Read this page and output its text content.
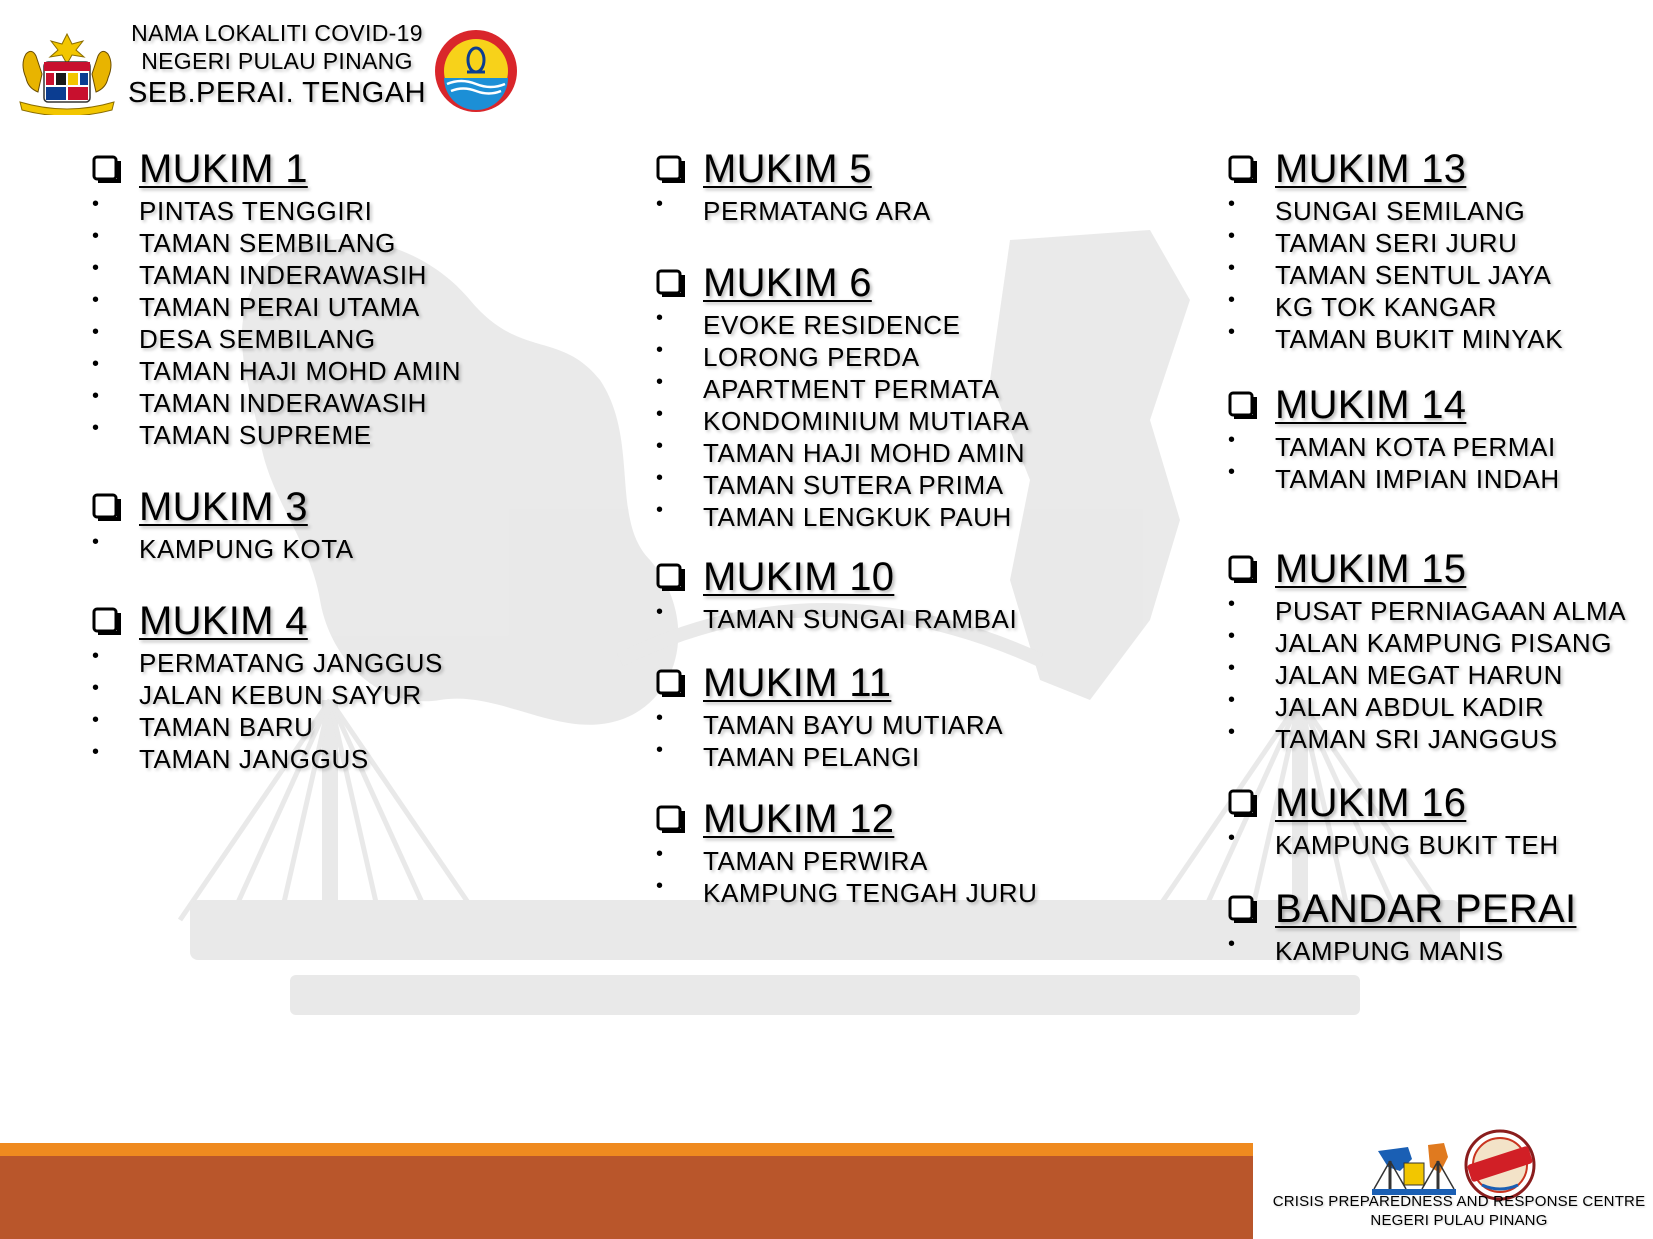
NAMA LOKALITI COVID-19
NEGERI PULAU PINANG
SEB.PERAI. TENGAH
MUKIM 1
•	PINTAS TENGGIRI
•	TAMAN SEMBILANG
•	TAMAN INDERAWASIH
•	TAMAN PERAI UTAMA
•	DESA SEMBILANG
•	TAMAN HAJI MOHD AMIN
•	TAMAN INDERAWASIH
•	TAMAN SUPREME
MUKIM 3
•	KAMPUNG KOTA
MUKIM 4
•	PERMATANG JANGGUS
•	JALAN KEBUN SAYUR
•	TAMAN BARU
•	TAMAN JANGGUS
MUKIM 5
•	PERMATANG ARA
MUKIM 6
•	EVOKE RESIDENCE
•	LORONG PERDA
•	APARTMENT PERMATA
•	KONDOMINIUM MUTIARA
•	TAMAN HAJI MOHD AMIN
•	TAMAN SUTERA PRIMA
•	TAMAN LENGKUK PAUH
MUKIM 10
•	TAMAN SUNGAI RAMBAI
MUKIM 11
•	TAMAN BAYU MUTIARA
•	TAMAN PELANGI
MUKIM 12
•	TAMAN PERWIRA
•	KAMPUNG TENGAH JURU
MUKIM 13
•	SUNGAI SEMILANG
•	TAMAN SERI JURU
•	TAMAN SENTUL JAYA
•	KG TOK KANGAR
•	TAMAN BUKIT MINYAK
MUKIM 14
•	TAMAN KOTA PERMAI
•	TAMAN IMPIAN INDAH
MUKIM 15
•	PUSAT PERNIAGAAN ALMA
•	JALAN KAMPUNG PISANG
•	JALAN MEGAT HARUN
•	JALAN ABDUL KADIR
•	TAMAN SRI JANGGUS
MUKIM 16
•	KAMPUNG BUKIT TEH
BANDAR PERAI
•	KAMPUNG MANIS
CRISIS PREPAREDNESS AND RESPONSE CENTRE
NEGERI PULAU PINANG
